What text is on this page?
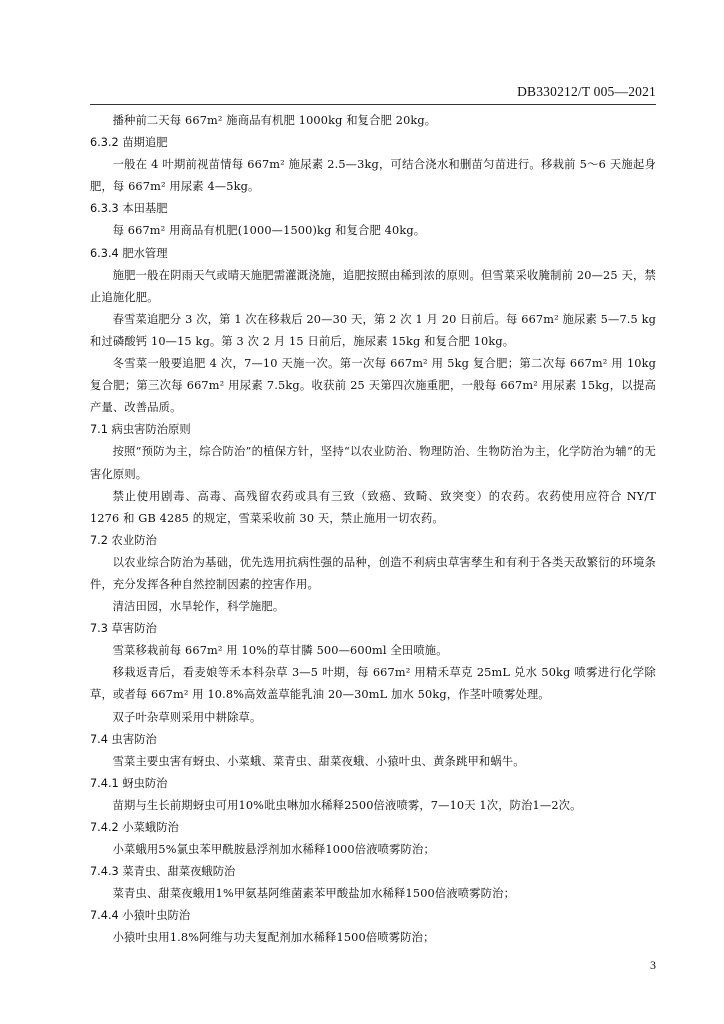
DB330212/T 005—2021
播种前二天每 667m² 施商品有机肥 1000kg 和复合肥 20kg。
6.3.2 苗期追肥
一般在 4 叶期前视苗情每 667m² 施尿素 2.5—3kg，可结合浇水和删苗匀苗进行。移栽前 5～6 天施起身肥，每 667m² 用尿素 4—5kg。
6.3.3 本田基肥
每 667m² 用商品有机肥(1000—1500)kg 和复合肥 40kg。
6.3.4 肥水管理
施肥一般在阴雨天气或晴天施肥需灌溉浇施，追肥按照由稀到浓的原则。但雪菜采收腌制前 20—25 天，禁止追施化肥。
春雪菜追肥分 3 次，第 1 次在移栽后 20—30 天，第 2 次 1 月 20 日前后。每 667m² 施尿素 5—7.5 kg 和过磷酸钙 10—15 kg。第 3 次 2 月 15 日前后，施尿素 15kg 和复合肥 10kg。
冬雪菜一般要追肥 4 次，7—10 天施一次。第一次每 667m² 用 5kg 复合肥；第二次每 667m² 用 10kg 复合肥；第三次每 667m² 用尿素 7.5kg。收获前 25 天第四次施重肥，一般每 667m² 用尿素 15kg，以提高产量、改善品质。
7.1 病虫害防治原则
按照“预防为主，综合防治”的植保方针，坚持“以农业防治、物理防治、生物防治为主，化学防治为辅”的无害化原则。
禁止使用剧毒、高毒、高残留农药或具有三致（致癌、致畸、致突变）的农药。农药使用应符合 NY/T 1276 和 GB 4285 的规定，雪菜采收前 30 天，禁止施用一切农药。
7.2 农业防治
以农业综合防治为基础，优先选用抗病性强的品种，创造不利病虫草害孳生和有利于各类天敌繁衍的环境条件，充分发挥各种自然控制因素的控害作用。
清洁田园，水旱轮作，科学施肥。
7.3 草害防治
雪菜移栽前每 667m² 用 10%的草甘膦 500—600ml 全田喷施。
移栽返青后，看麦娘等禾本科杂草 3—5 叶期，每 667m² 用精禾草克 25mL 兑水 50kg 喷雾进行化学除草，或者每 667m² 用 10.8%高效盖草能乳油 20—30mL 加水 50kg，作茎叶喷雾处理。
双子叶杂草则采用中耕除草。
7.4 虫害防治
雪菜主要虫害有蚜虫、小菜蛾、菜青虫、甜菜夜蛾、小猿叶虫、黄条跳甲和蜗牛。
7.4.1 蚜虫防治
苗期与生长前期蚜虫可用10%吡虫啉加水稀释2500倍液喷雾，7—10天 1次，防治1—2次。
7.4.2 小菜蛾防治
小菜蛾用5%氯虫苯甲酰胺悬浮剂加水稀释1000倍液喷雾防治；
7.4.3 菜青虫、甜菜夜蛾防治
菜青虫、甜菜夜蛾用1%甲氨基阿维菌素苯甲酸盐加水稀释1500倍液喷雾防治；
7.4.4 小猿叶虫防治
小猿叶虫用1.8%阿维与功夫复配剂加水稀释1500倍喷雾防治；
3
